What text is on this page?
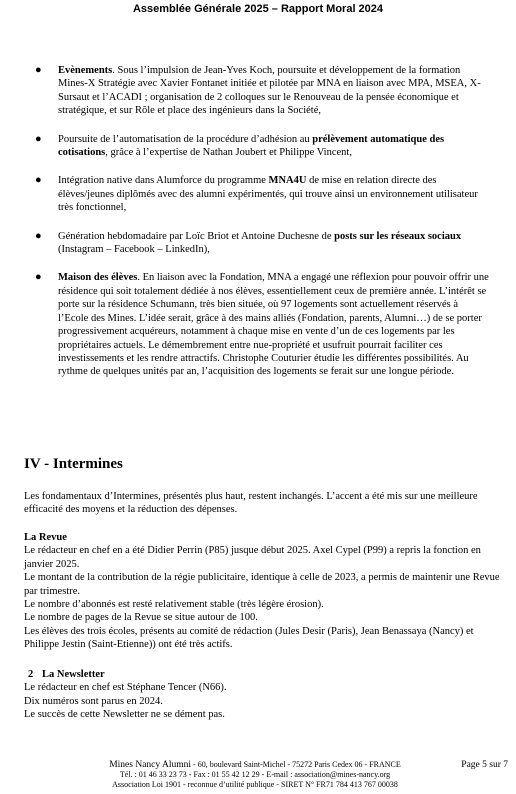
Assemblée Générale 2025 – Rapport Moral 2024
● Evènements. Sous l’impulsion de Jean-Yves Koch, poursuite et développement de la formation Mines-X Stratégie avec Xavier Fontanet initiée et pilotée par MNA en liaison avec MPA, MSEA, X-Sursaut et l’ACADI ; organisation de 2 colloques sur le Renouveau de la pensée économique et stratégique, et sur Rôle et place des ingénieurs dans la Société,
● Poursuite de l’automatisation de la procédure d’adhésion au prélèvement automatique des cotisations, grâce à l’expertise de Nathan Joubert et Philippe Vincent,
● Intégration native dans Alumforce du programme MNA4U de mise en relation directe des élèves/jeunes diplômés avec des alumni expérimentés, qui trouve ainsi un environnement utilisateur très fonctionnel,
● Génération hebdomadaire par Loïc Briot et Antoine Duchesne de posts sur les réseaux sociaux (Instagram – Facebook – LinkedIn),
● Maison des élèves. En liaison avec la Fondation, MNA a engagé une réflexion pour pouvoir offrir une résidence qui soit totalement dédiée à nos élèves, essentiellement ceux de première année. L’intérêt se porte sur la résidence Schumann, très bien située, où 97 logements sont actuellement réservés à l’Ecole des Mines. L’idée serait, grâce à des mains alliés (Fondation, parents, Alumni…) de se porter progressivement acquéreurs, notamment à chaque mise en vente d’un de ces logements par les propriétaires actuels. Le démembrement entre nue-propriété et usufruit pourrait faciliter ces investissements et les rendre attractifs. Christophe Couturier étudie les différentes possibilités. Au rythme de quelques unités par an, l’acquisition des logements se ferait sur une longue période.
IV - Intermines
Les fondamentaux d’Intermines, présentés plus haut, restent inchangés. L’accent a été mis sur une meilleure efficacité des moyens et la réduction des dépenses.
La Revue
Le rédacteur en chef en a été Didier Perrin (P85) jusque début 2025. Axel Cypel (P99) a repris la fonction en janvier 2025.
Le montant de la contribution de la régie publicitaire, identique à celle de 2023, a permis de maintenir une Revue par trimestre.
Le nombre d’abonnés est resté relativement stable (très légère érosion).
Le nombre de pages de la Revue se situe autour de 100.
Les élèves des trois écoles, présents au comité de rédaction (Jules Desir (Paris), Jean Benassaya (Nancy) et Philippe Jestin (Saint-Etienne)) ont été très actifs.
2 La Newsletter
Le rédacteur en chef est Stéphane Tencer (N66).
Dix numéros sont parus en 2024.
Le succès de cette Newsletter ne se dément pas.
Mines Nancy Alumni - 60, boulevard Saint-Michel - 75272 Paris Cedex 06 - FRANCE
Tél. : 01 46 33 23 73 - Fax : 01 55 42 12 29 - E-mail : association@mines-nancy.org
Association Loi 1901 - reconnue d’utilité publique - SIRET N° FR71 784 413 767 00038
Page 5 sur 7
